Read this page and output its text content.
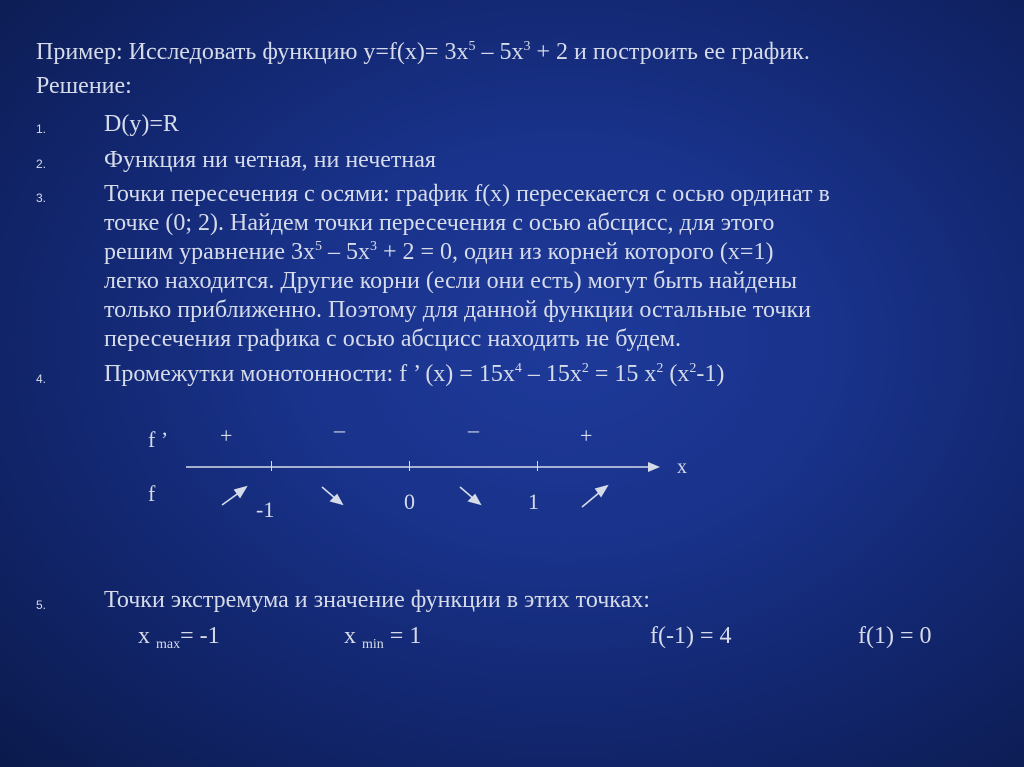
Пример: Исследовать функцию $y=f(x)= 3x^5 - 5x^3 + 2$ и построить ее график.
Решение:
1. D(y)=R
2. Функция ни четная, ни нечетная
3. Точки пересечения с осями: график f(x) пересекается с осью ординат в
точке (0; 2). Найдем точки пересечения с осью абсцисс, для этого
решим уравнение $3x^5 - 5x^3 + 2 = 0$, один из корней которого (x=1)
легко находится. Другие корни (если они есть) могут быть найдены
только приближенно. Поэтому для данной функции остальные точки
пересечения графика с осью абсцисс находить не будем.
4. Промежутки монотонности: f ’ $(x) = 15x^4 - 15x^2 = 15$ $x^2$ $(x^2-1)$
f ’
f
+	–	–	+
x
-1	0	1
5. Точки экстремума и значение функции в этих точках:
x $_{max}$= -1	x $_{min}$ = 1	f(-1) = 4	f(1) = 0
